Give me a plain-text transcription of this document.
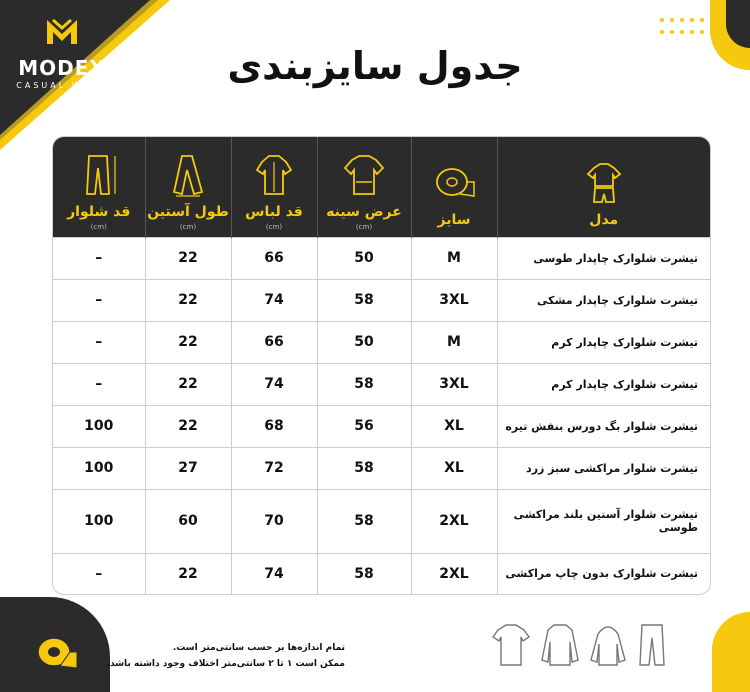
MODEX
CASUAL WEAR	جدول سایزبندی
قد شلوار
(cm)	طول آستین
(cm)	قد لباس
(cm)	عرض سینه
(cm)	سایز	مدل

–	22	66	50	M	تیشرت شلوارک چاپدار طوسی
–	22	74	58	3XL	تیشرت شلوارک چاپدار مشکی
–	22	66	50	M	تیشرت شلوارک چاپدار کرم
–	22	74	58	3XL	تیشرت شلوارک چاپدار کرم
100	22	68	56	XL	تیشرت شلوار بگ دورس بنفش تیره
100	27	72	58	XL	تیشرت شلوار مراکشی سبز زرد
100	60	70	58	2XL	تیشرت شلوار آستین بلند مراکشی طوسی
–	22	74	58	2XL	تیشرت شلوارک بدون چاپ مراکشی
تمام اندازه‌ها بر حسب سانتی‌متر است.
ممکن است ۱ تا ۲ سانتی‌متر اختلاف وجود داشته باشد.
